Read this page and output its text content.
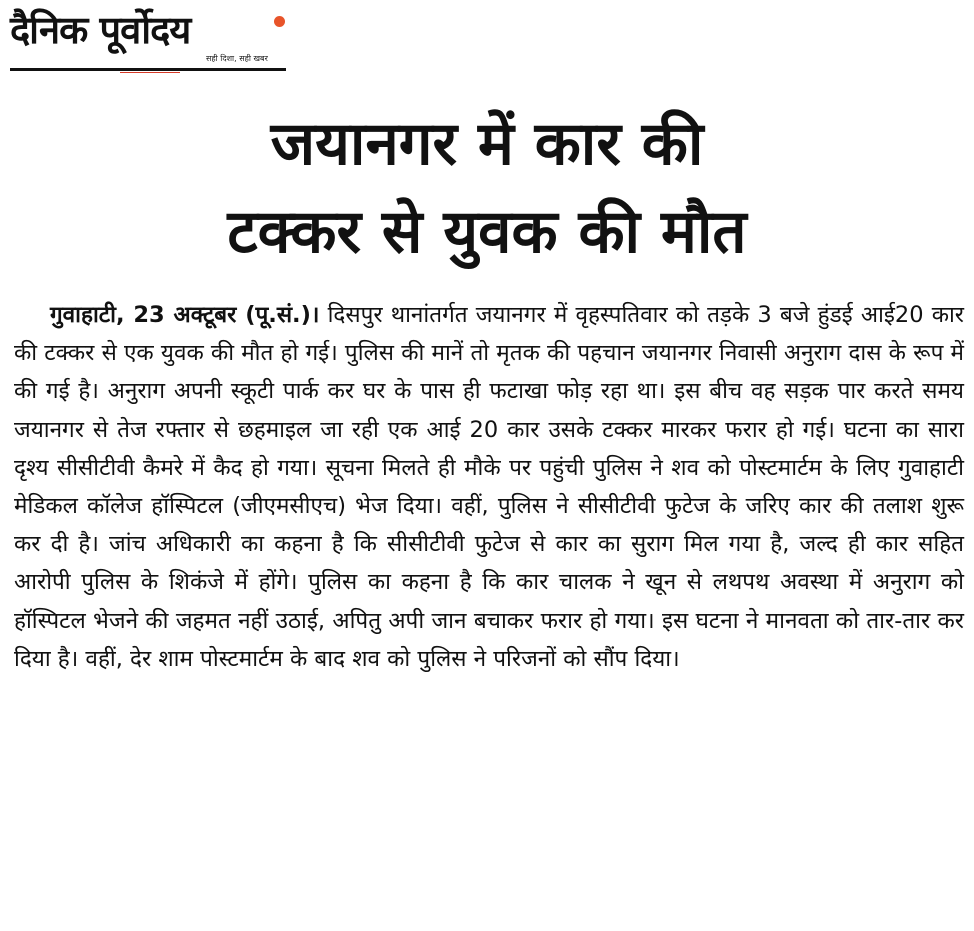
दैनिक पूर्वोदय
सही दिशा, सही खबर
जयानगर में कार की
टक्कर से युवक की मौत

गुवाहाटी, 23 अक्टूबर (पू.सं.)। दिसपुर थानांतर्गत जयानगर में वृहस्पतिवार को तड़के 3 बजे हुंडई आई20 कार की टक्कर से एक युवक की मौत हो गई। पुलिस की मानें तो मृतक की पहचान जयानगर निवासी अनुराग दास के रूप में की गई है। अनुराग अपनी स्कूटी पार्क कर घर के पास ही फटाखा फोड़ रहा था। इस बीच वह सड़क पार करते समय जयानगर से तेज रफ्तार से छहमाइल जा रही एक आई 20 कार उसके टक्कर मारकर फरार हो गई। घटना का सारा दृश्य सीसीटीवी कैमरे में कैद हो गया। सूचना मिलते ही मौके पर पहुंची पुलिस ने शव को पोस्टमार्टम के लिए गुवाहाटी मेडिकल कॉलेज हॉस्पिटल (जीएमसीएच) भेज दिया। वहीं, पुलिस ने सीसीटीवी फुटेज के जरिए कार की तलाश शुरू कर दी है। जांच अधिकारी का कहना है कि सीसीटीवी फुटेज से कार का सुराग मिल गया है, जल्द ही कार सहित आरोपी पुलिस के शिकंजे में होंगे। पुलिस का कहना है कि कार चालक ने खून से लथपथ अवस्था में अनुराग को हॉस्पिटल भेजने की जहमत नहीं उठाई, अपितु अपी जान बचाकर फरार हो गया। इस घटना ने मानवता को तार-तार कर दिया है। वहीं, देर शाम पोस्टमार्टम के बाद शव को पुलिस ने परिजनों को सौंप दिया।
